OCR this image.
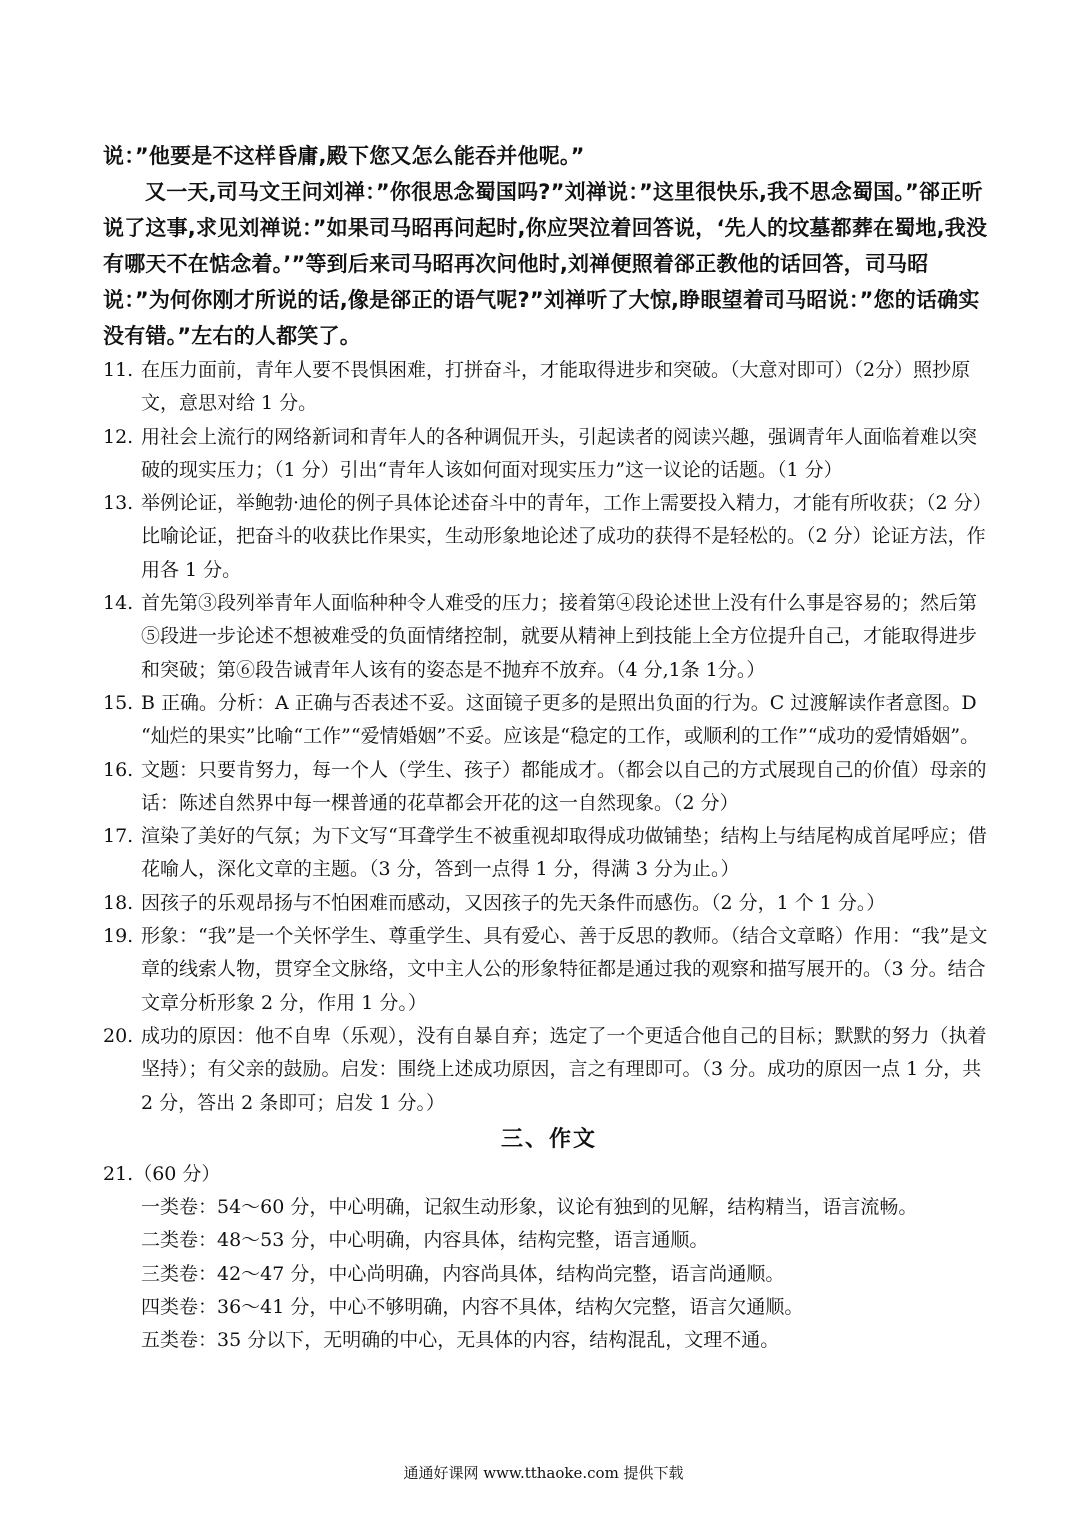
说：”他要是不这样昏庸,殿下您又怎么能吞并他呢。”

又一天,司马文王问刘禅：”你很思念蜀国吗?”刘禅说：”这里很快乐,我不思念蜀国。”郤正听说了这事,求见刘禅说：”如果司马昭再问起时,你应哭泣着回答说，‘先人的坟墓都葬在蜀地,我没有哪天不在惦念着。’”等到后来司马昭再次问他时,刘禅便照着郤正教他的话回答，司马昭说：”为何你刚才所说的话,像是郤正的语气呢?”刘禅听了大惊,睁眼望着司马昭说：”您的话确实没有错。”左右的人都笑了。

11. 在压力面前，青年人要不畏惧困难，打拼奋斗，才能取得进步和突破。（大意对即可）（2分）照抄原文，意思对给 1 分。
12. 用社会上流行的网络新词和青年人的各种调侃开头，引起读者的阅读兴趣，强调青年人面临着难以突破的现实压力；（1 分）引出“青年人该如何面对现实压力”这一议论的话题。（1 分）
13. 举例论证，举鲍勃·迪伦的例子具体论述奋斗中的青年，工作上需要投入精力，才能有所收获；（2 分）比喻论证，把奋斗的收获比作果实，生动形象地论述了成功的获得不是轻松的。（2 分）论证方法，作用各 1 分。
14. 首先第③段列举青年人面临种种令人难受的压力；接着第④段论述世上没有什么事是容易的；然后第⑤段进一步论述不想被难受的负面情绪控制，就要从精神上到技能上全方位提升自己，才能取得进步和突破；第⑥段告诫青年人该有的姿态是不抛弃不放弃。（4 分,1条 1分。）
15. B 正确。分析：A 正确与否表述不妥。这面镜子更多的是照出负面的行为。C 过渡解读作者意图。D “灿烂的果实”比喻“工作”“爱情婚姻”不妥。应该是“稳定的工作，或顺利的工作”“成功的爱情婚姻”。
16. 文题：只要肯努力，每一个人（学生、孩子）都能成才。（都会以自己的方式展现自己的价值）母亲的话：陈述自然界中每一棵普通的花草都会开花的这一自然现象。（2 分）
17. 渲染了美好的气氛；为下文写“耳聋学生不被重视却取得成功做铺垫；结构上与结尾构成首尾呼应；借花喻人，深化文章的主题。（3 分，答到一点得 1 分，得满 3 分为止。）
18. 因孩子的乐观昂扬与不怕困难而感动，又因孩子的先天条件而感伤。（2 分，1 个 1 分。）
19. 形象：“我”是一个关怀学生、尊重学生、具有爱心、善于反思的教师。（结合文章略）作用：“我”是文章的线索人物，贯穿全文脉络，文中主人公的形象特征都是通过我的观察和描写展开的。（3 分。结合文章分析形象 2 分，作用 1 分。）
20. 成功的原因：他不自卑（乐观），没有自暴自弃；选定了一个更适合他自己的目标；默默的努力（执着坚持）；有父亲的鼓励。启发：围绕上述成功原因，言之有理即可。（3 分。成功的原因一点 1 分，共 2 分，答出 2 条即可；启发 1 分。）
三、作文

21.（60 分）

一类卷：54～60 分，中心明确，记叙生动形象，议论有独到的见解，结构精当，语言流畅。

二类卷：48～53 分，中心明确，内容具体，结构完整，语言通顺。

三类卷：42～47 分，中心尚明确，内容尚具体，结构尚完整，语言尚通顺。

四类卷：36～41 分，中心不够明确，内容不具体，结构欠完整，语言欠通顺。

五类卷：35 分以下，无明确的中心，无具体的内容，结构混乱，文理不通。

通通好课网 www.tthaoke.com 提供下载
